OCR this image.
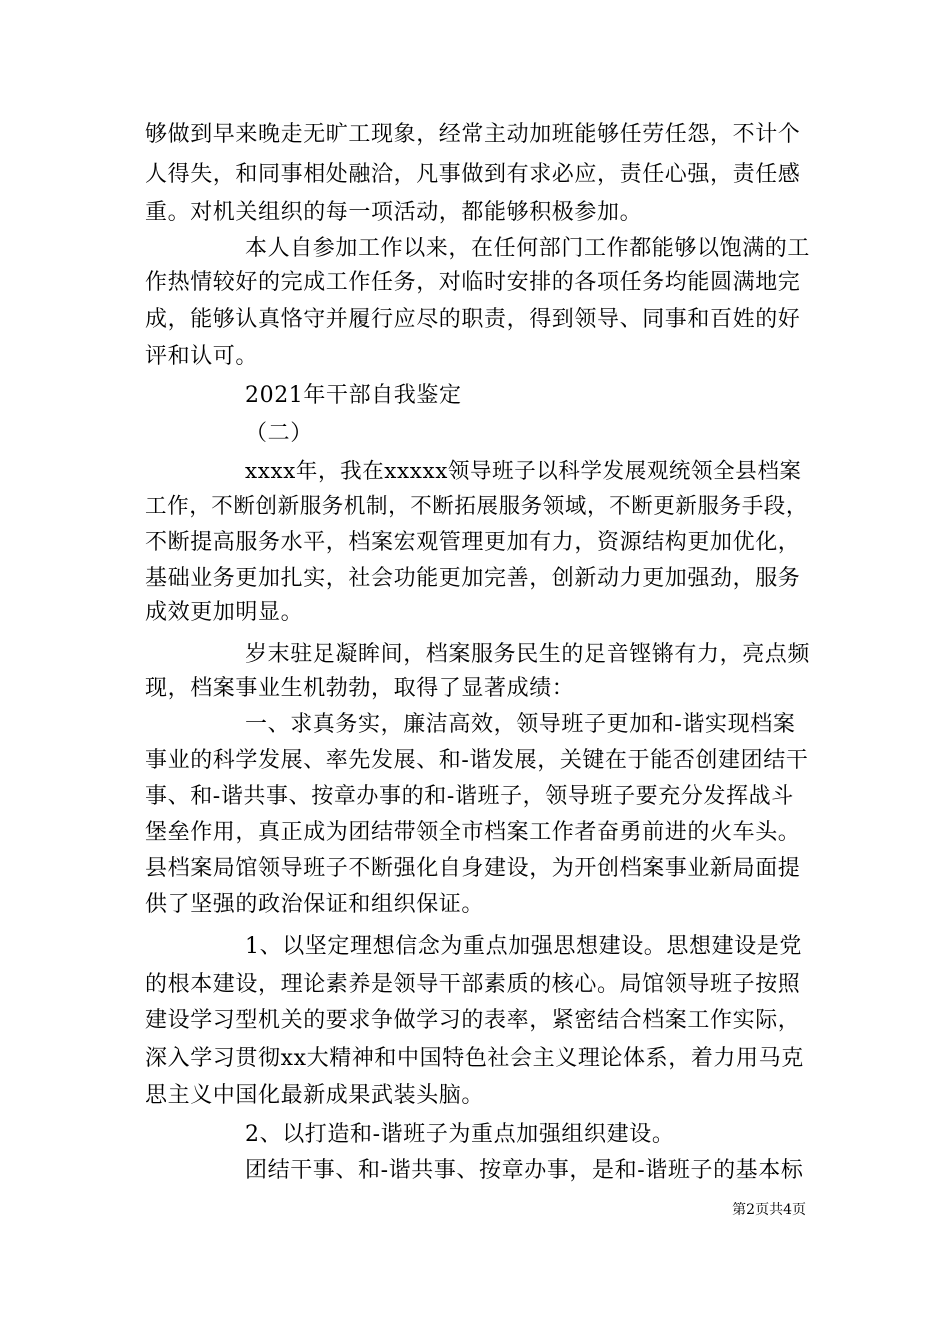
够做到早来晚走无旷工现象，经常主动加班能够任劳任怨，不计个
人得失，和同事相处融洽，凡事做到有求必应，责任心强，责任感
重。对机关组织的每一项活动，都能够积极参加。
本人自参加工作以来，在任何部门工作都能够以饱满的工
作热情较好的完成工作任务，对临时安排的各项任务均能圆满地完
成，能够认真恪守并履行应尽的职责，得到领导、同事和百姓的好
评和认可。
2021年干部自我鉴定
（二）
xxxx年，我在xxxxx领导班子以科学发展观统领全县档案
工作，不断创新服务机制，不断拓展服务领域，不断更新服务手段，
不断提高服务水平，档案宏观管理更加有力，资源结构更加优化，
基础业务更加扎实，社会功能更加完善，创新动力更加强劲，服务
成效更加明显。
岁末驻足凝眸间，档案服务民生的足音铿锵有力，亮点频
现，档案事业生机勃勃，取得了显著成绩：
一、求真务实，廉洁高效，领导班子更加和-谐实现档案
事业的科学发展、率先发展、和-谐发展，关键在于能否创建团结干
事、和-谐共事、按章办事的和-谐班子，领导班子要充分发挥战斗
堡垒作用，真正成为团结带领全市档案工作者奋勇前进的火车头。
县档案局馆领导班子不断强化自身建设，为开创档案事业新局面提
供了坚强的政治保证和组织保证。
1、以坚定理想信念为重点加强思想建设。思想建设是党
的根本建设，理论素养是领导干部素质的核心。局馆领导班子按照
建设学习型机关的要求争做学习的表率，紧密结合档案工作实际，
深入学习贯彻xx大精神和中国特色社会主义理论体系，着力用马克
思主义中国化最新成果武装头脑。
2、以打造和-谐班子为重点加强组织建设。
团结干事、和-谐共事、按章办事，是和-谐班子的基本标
第2页共4页
